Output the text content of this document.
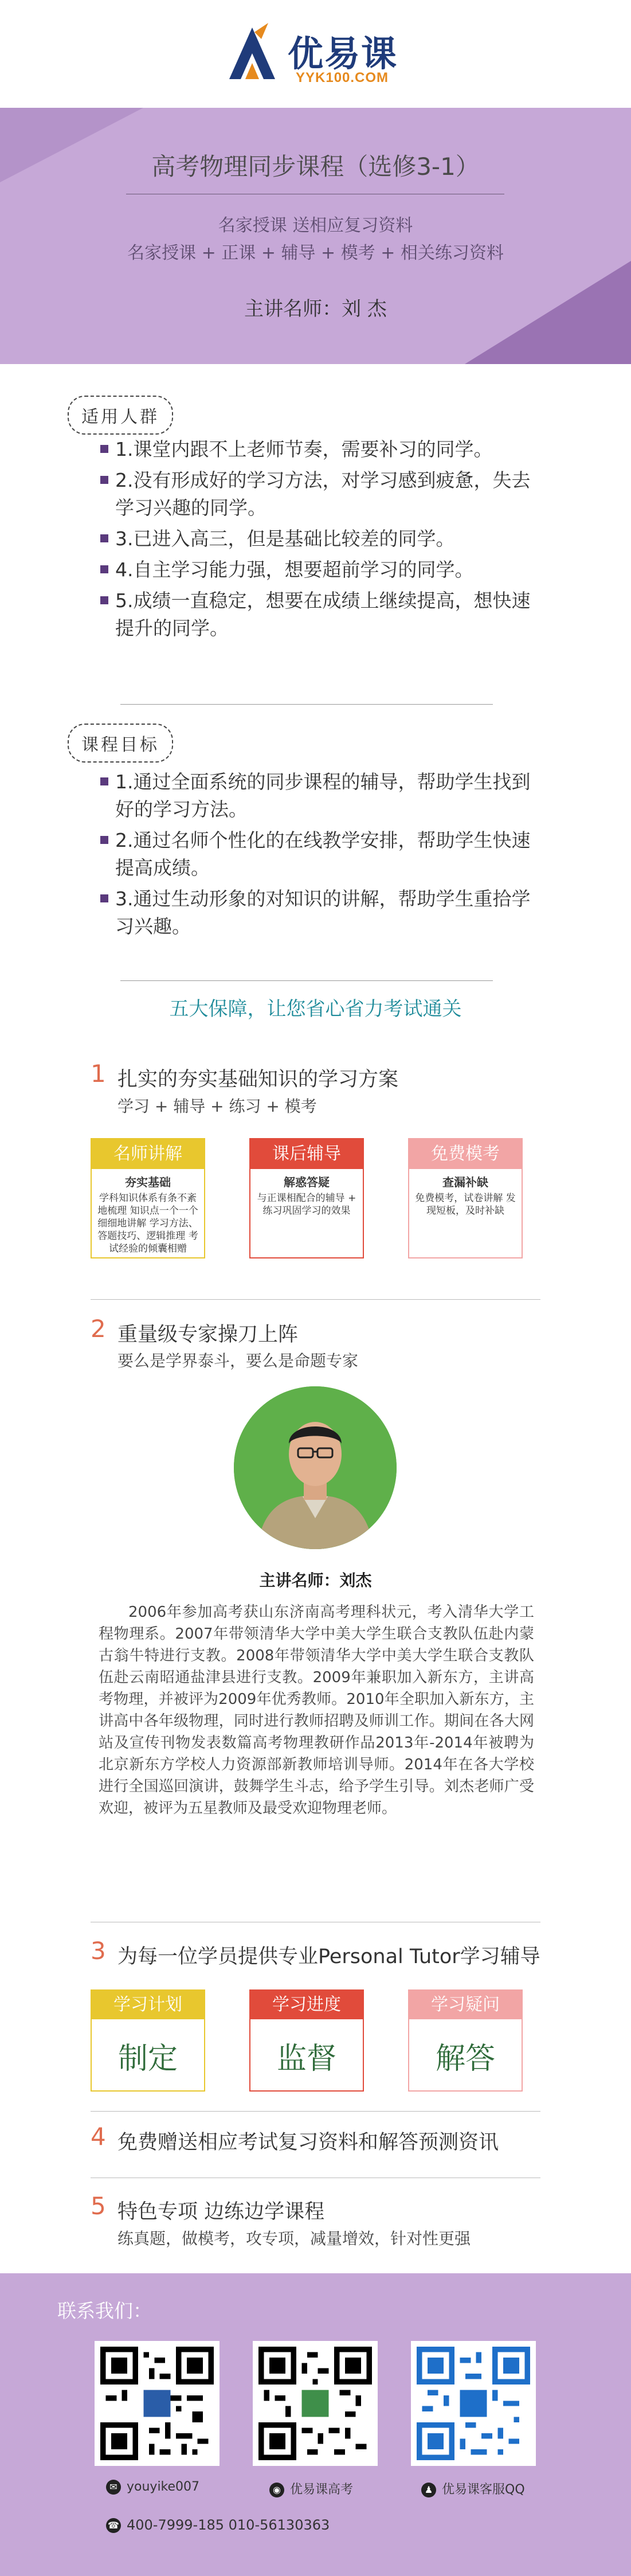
优易课
YYK100.COM
高考物理同步课程（选修3-1）
名家授课 送相应复习资料
名家授课 + 正课 + 辅导 + 模考 + 相关练习资料
主讲名师：刘 杰
适用人群
1.课堂内跟不上老师节奏，需要补习的同学。
2.没有形成好的学习方法，对学习感到疲惫，失去学习兴趣的同学。
3.已进入高三，但是基础比较差的同学。
4.自主学习能力强，想要超前学习的同学。
5.成绩一直稳定，想要在成绩上继续提高，想快速提升的同学。
课程目标
1.通过全面系统的同步课程的辅导，帮助学生找到好的学习方法。
2.通过名师个性化的在线教学安排，帮助学生快速提高成绩。
3.通过生动形象的对知识的讲解，帮助学生重拾学习兴趣。
五大保障，让您省心省力考试通关
1 扎实的夯实基础知识的学习方案
学习 + 辅导 + 练习 + 模考
名师讲解
夯实基础
学科知识体系有条不紊地梳理 知识点一个一个细细地讲解 学习方法、答题技巧、逻辑推理 考试经验的倾囊相赠
课后辅导
解惑答疑
与正课相配合的辅导 + 练习巩固学习的效果
免费模考
查漏补缺
免费模考，试卷讲解 发现短板，及时补缺
2 重量级专家操刀上阵
要么是学界泰斗，要么是命题专家
主讲名师：刘杰
2006年参加高考获山东济南高考理科状元，考入清华大学工程物理系。2007年带领清华大学中美大学生联合支教队伍赴内蒙古翁牛特进行支教。2008年带领清华大学中美大学生联合支教队伍赴云南昭通盐津县进行支教。2009年兼职加入新东方，主讲高考物理，并被评为2009年优秀教师。2010年全职加入新东方，主讲高中各年级物理，同时进行教师招聘及师训工作。期间在各大网站及宣传刊物发表数篇高考物理教研作品2013年-2014年被聘为北京新东方学校人力资源部新教师培训导师。2014年在各大学校进行全国巡回演讲，鼓舞学生斗志，给予学生引导。刘杰老师广受欢迎，被评为五星教师及最受欢迎物理老师。
3 为每一位学员提供专业Personal Tutor学习辅导
学习计划
制定
学习进度
监督
学习疑问
解答
4 免费赠送相应考试复习资料和解答预测资讯
5 特色专项 边练边学课程
练真题，做模考，攻专项，减量增效，针对性更强
联系我们：
✉ youyike007	◉ 优易课高考	♟ 优易课客服QQ
☎ 400-7999-185 010-56130363
